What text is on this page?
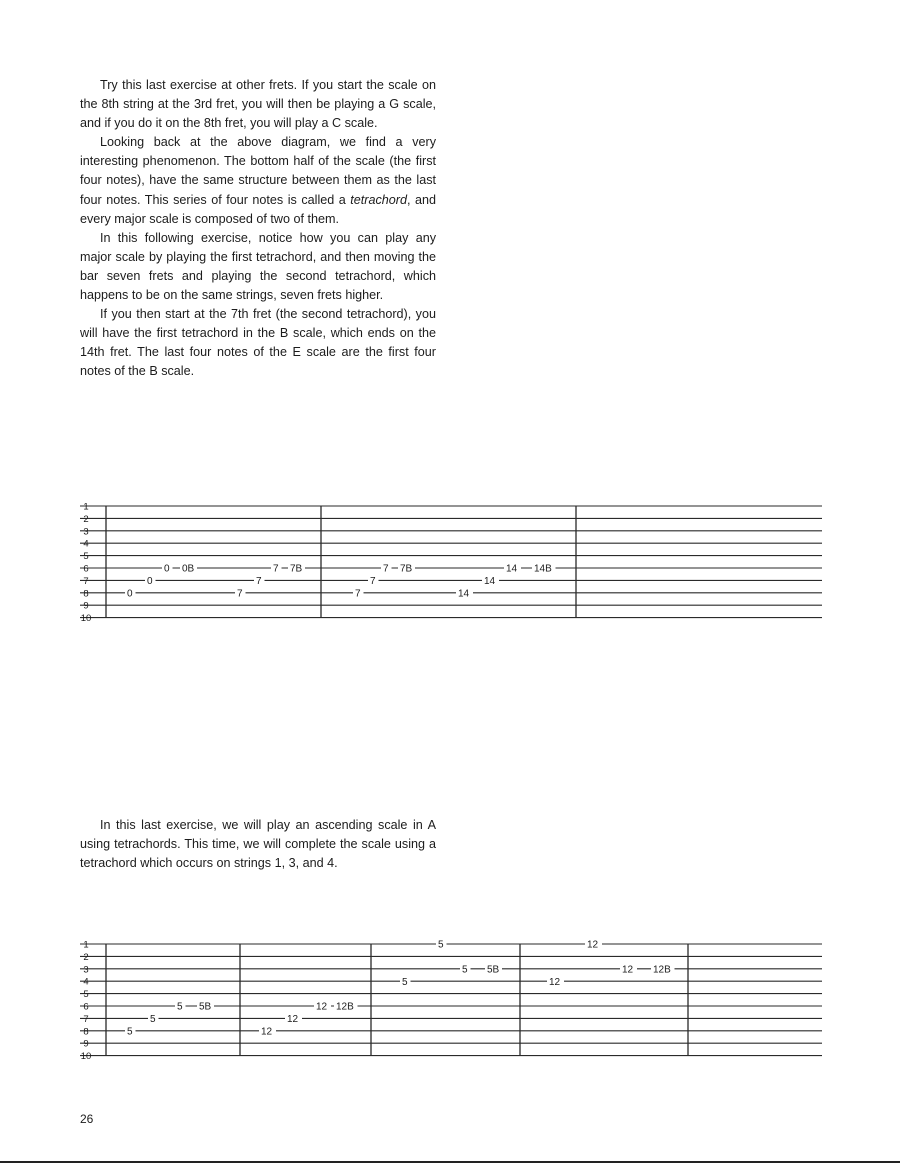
Try this last exercise at other frets. If you start the scale on the 8th string at the 3rd fret, you will then be playing a G scale, and if you do it on the 8th fret, you will play a C scale.

Looking back at the above diagram, we find a very interesting phenomenon. The bottom half of the scale (the first four notes), have the same structure between them as the last four notes. This series of four notes is called a tetrachord, and every major scale is composed of two of them.

In this following exercise, notice how you can play any major scale by playing the first tetrachord, and then moving the bar seven frets and playing the second tetrachord, which happens to be on the same strings, seven frets higher.

If you then start at the 7th fret (the second tetrachord), you will have the first tetrachord in the B scale, which ends on the 14th fret. The last four notes of the E scale are the first four notes of the B scale.

1
2
3
4
5
6
7
8
9
10
0
0
0 0B
7
7
7 7B
7
7
7 7B
14
14
14 14B

In this last exercise, we will play an ascending scale in A using tetrachords. This time, we will complete the scale using a tetrachord which occurs on strings 1, 3, and 4.

1
2
3
4
5
6
7
8
9
10
5
5
5 5B
12
12
12 12B
5
5
5 5B
12
12
12 12B
26
